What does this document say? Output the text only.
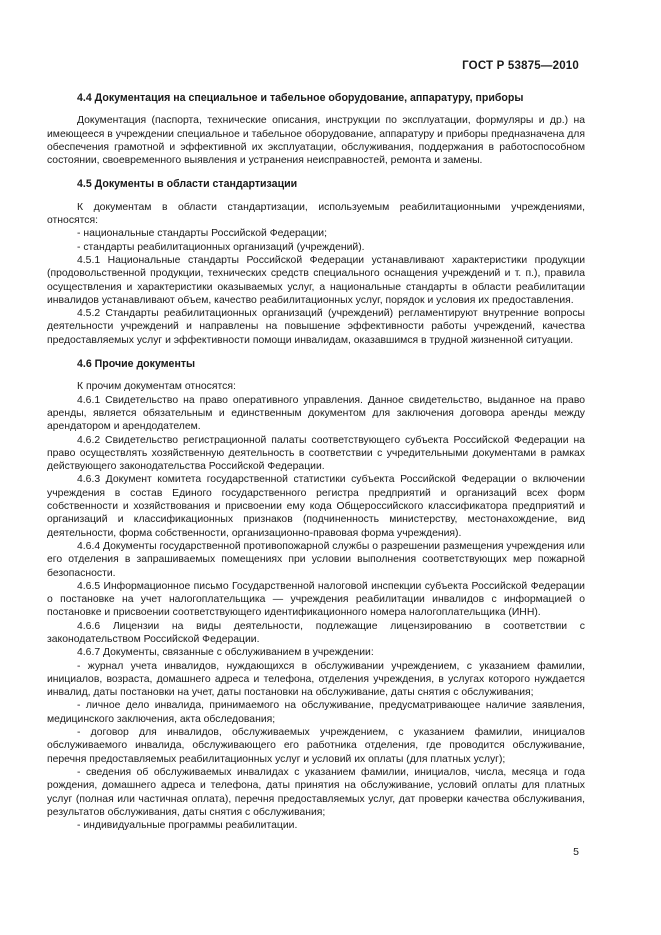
ГОСТ Р 53875—2010
4.4 Документация на специальное и табельное оборудование, аппаратуру, приборы

Документация (паспорта, технические описания, инструкции по эксплуатации, формуляры и др.) на имеющееся в учреждении специальное и табельное оборудование, аппаратуру и приборы предназначена для обеспечения грамотной и эффективной их эксплуатации, обслуживания, поддержания в работоспособном состоянии, своевременного выявления и устранения неисправностей, ремонта и замены.

4.5 Документы в области стандартизации

К документам в области стандартизации, используемым реабилитационными учреждениями, относятся:

- национальные стандарты Российской Федерации;

- стандарты реабилитационных организаций (учреждений).

4.5.1 Национальные стандарты Российской Федерации устанавливают характеристики продукции (продовольственной продукции, технических средств специального оснащения учреждений и т. п.), правила осуществления и характеристики оказываемых услуг, а национальные стандарты в области реабилитации инвалидов устанавливают объем, качество реабилитационных услуг, порядок и условия их предоставления.

4.5.2 Стандарты реабилитационных организаций (учреждений) регламентируют внутренние вопросы деятельности учреждений и направлены на повышение эффективности работы учреждений, качества предоставляемых услуг и эффективности помощи инвалидам, оказавшимся в трудной жизненной ситуации.

4.6 Прочие документы

К прочим документам относятся:

4.6.1 Свидетельство на право оперативного управления. Данное свидетельство, выданное на право аренды, является обязательным и единственным документом для заключения договора аренды между арендатором и арендодателем.

4.6.2 Свидетельство регистрационной палаты соответствующего субъекта Российской Федерации на право осуществлять хозяйственную деятельность в соответствии с учредительными документами в рамках действующего законодательства Российской Федерации.

4.6.3 Документ комитета государственной статистики субъекта Российской Федерации о включении учреждения в состав Единого государственного регистра предприятий и организаций всех форм собственности и хозяйствования и присвоении ему кода Общероссийского классификатора предприятий и организаций и классификационных признаков (подчиненность министерству, местонахождение, вид деятельности, форма собственности, организационно-правовая форма учреждения).

4.6.4 Документы государственной противопожарной службы о разрешении размещения учреждения или его отделения в запрашиваемых помещениях при условии выполнения соответствующих мер пожарной безопасности.

4.6.5 Информационное письмо Государственной налоговой инспекции субъекта Российской Федерации о постановке на учет налогоплательщика — учреждения реабилитации инвалидов с информацией о постановке и присвоении соответствующего идентификационного номера налогоплательщика (ИНН).

4.6.6 Лицензии на виды деятельности, подлежащие лицензированию в соответствии с законодательством Российской Федерации.

4.6.7 Документы, связанные с обслуживанием в учреждении:

- журнал учета инвалидов, нуждающихся в обслуживании учреждением, с указанием фамилии, инициалов, возраста, домашнего адреса и телефона, отделения учреждения, в услугах которого нуждается инвалид, даты постановки на учет, даты постановки на обслуживание, даты снятия с обслуживания;

- личное дело инвалида, принимаемого на обслуживание, предусматривающее наличие заявления, медицинского заключения, акта обследования;

- договор для инвалидов, обслуживаемых учреждением, с указанием фамилии, инициалов обслуживаемого инвалида, обслуживающего его работника отделения, где проводится обслуживание, перечня предоставляемых реабилитационных услуг и условий их оплаты (для платных услуг);

- сведения об обслуживаемых инвалидах с указанием фамилии, инициалов, числа, месяца и года рождения, домашнего адреса и телефона, даты принятия на обслуживание, условий оплаты для платных услуг (полная или частичная оплата), перечня предоставляемых услуг, дат проверки качества обслуживания, результатов обслуживания, даты снятия с обслуживания;

- индивидуальные программы реабилитации.

5
